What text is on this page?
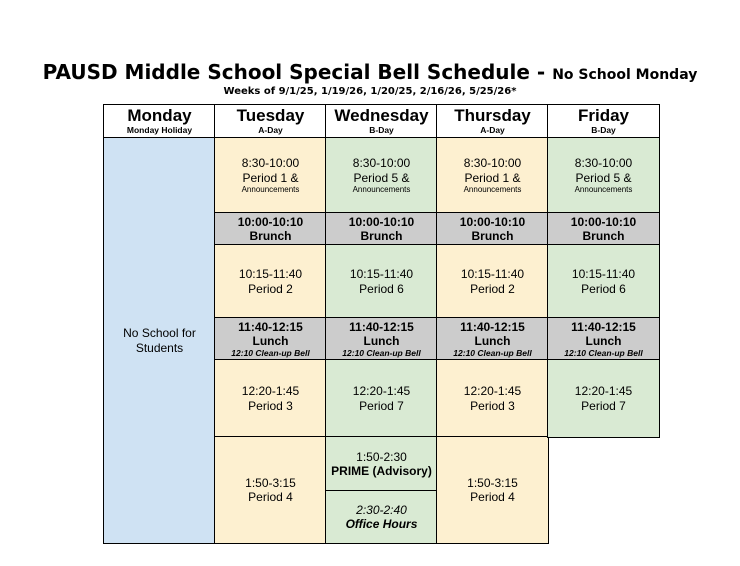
PAUSD Middle School Special Bell Schedule - No School Monday
Weeks of 9/1/25, 1/19/26, 1/20/25, 2/16/26, 5/25/26*
Monday
Monday Holiday
Tuesday
A-Day
Wednesday
B-Day
Thursday
A-Day
Friday
B-Day
No School for
Students
8:30-10:00
Period 1 &
Announcements
10:00-10:10
Brunch
10:15-11:40
Period 2
11:40-12:15
Lunch
12:10 Clean-up Bell
12:20-1:45
Period 3
1:50-3:15
Period 4
8:30-10:00
Period 5 &
Announcements
10:00-10:10
Brunch
10:15-11:40
Period 6
11:40-12:15
Lunch
12:10 Clean-up Bell
12:20-1:45
Period 7
1:50-2:30
PRIME (Advisory)
2:30-2:40
Office Hours
8:30-10:00
Period 1 &
Announcements
10:00-10:10
Brunch
10:15-11:40
Period 2
11:40-12:15
Lunch
12:10 Clean-up Bell
12:20-1:45
Period 3
1:50-3:15
Period 4
8:30-10:00
Period 5 &
Announcements
10:00-10:10
Brunch
10:15-11:40
Period 6
11:40-12:15
Lunch
12:10 Clean-up Bell
12:20-1:45
Period 7
